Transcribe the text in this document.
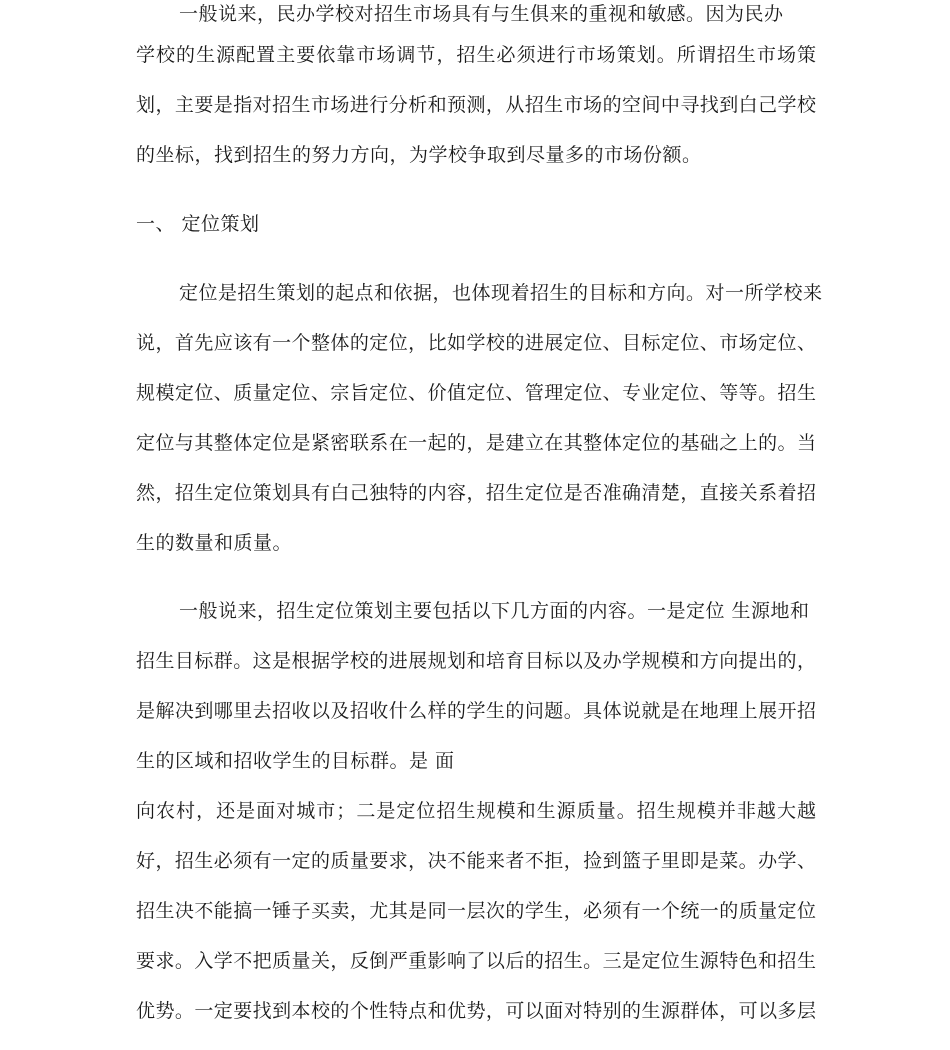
一般说来，民办学校对招生市场具有与生俱来的重视和敏感。因为民办
学校的生源配置主要依靠市场调节，招生必须进行市场策划。所谓招生市场策
划，主要是指对招生市场进行分析和预测，从招生市场的空间中寻找到白己学校
的坐标，找到招生的努力方向，为学校争取到尽量多的市场份额。
一、 定位策划
定位是招生策划的起点和依据，也体现着招生的目标和方向。对一所学校来
说，首先应该有一个整体的定位，比如学校的进展定位、目标定位、市场定位、
规模定位、质量定位、宗旨定位、价值定位、管理定位、专业定位、等等。招生
定位与其整体定位是紧密联系在一起的，是建立在其整体定位的基础之上的。当
然，招生定位策划具有白己独特的内容，招生定位是否准确清楚，直接关系着招
生的数量和质量。
一般说来，招生定位策划主要包括以下几方面的内容。一是定位 生源地和
招生目标群。这是根据学校的进展规划和培育目标以及办学规模和方向提出的，
是解决到哪里去招收以及招收什么样的学生的问题。具体说就是在地理上展开招
生的区域和招收学生的目标群。是 面
向农村，还是面对城市；二是定位招生规模和生源质量。招生规模并非越大越
好，招生必须有一定的质量要求，决不能来者不拒，捡到篮子里即是菜。办学、
招生决不能搞一锤子买卖，尤其是同一层次的学生，必须有一个统一的质量定位
要求。入学不把质量关，反倒严重影响了以后的招生。三是定位生源特色和招生
优势。一定要找到本校的个性特点和优势，可以面对特别的生源群体，可以多层
